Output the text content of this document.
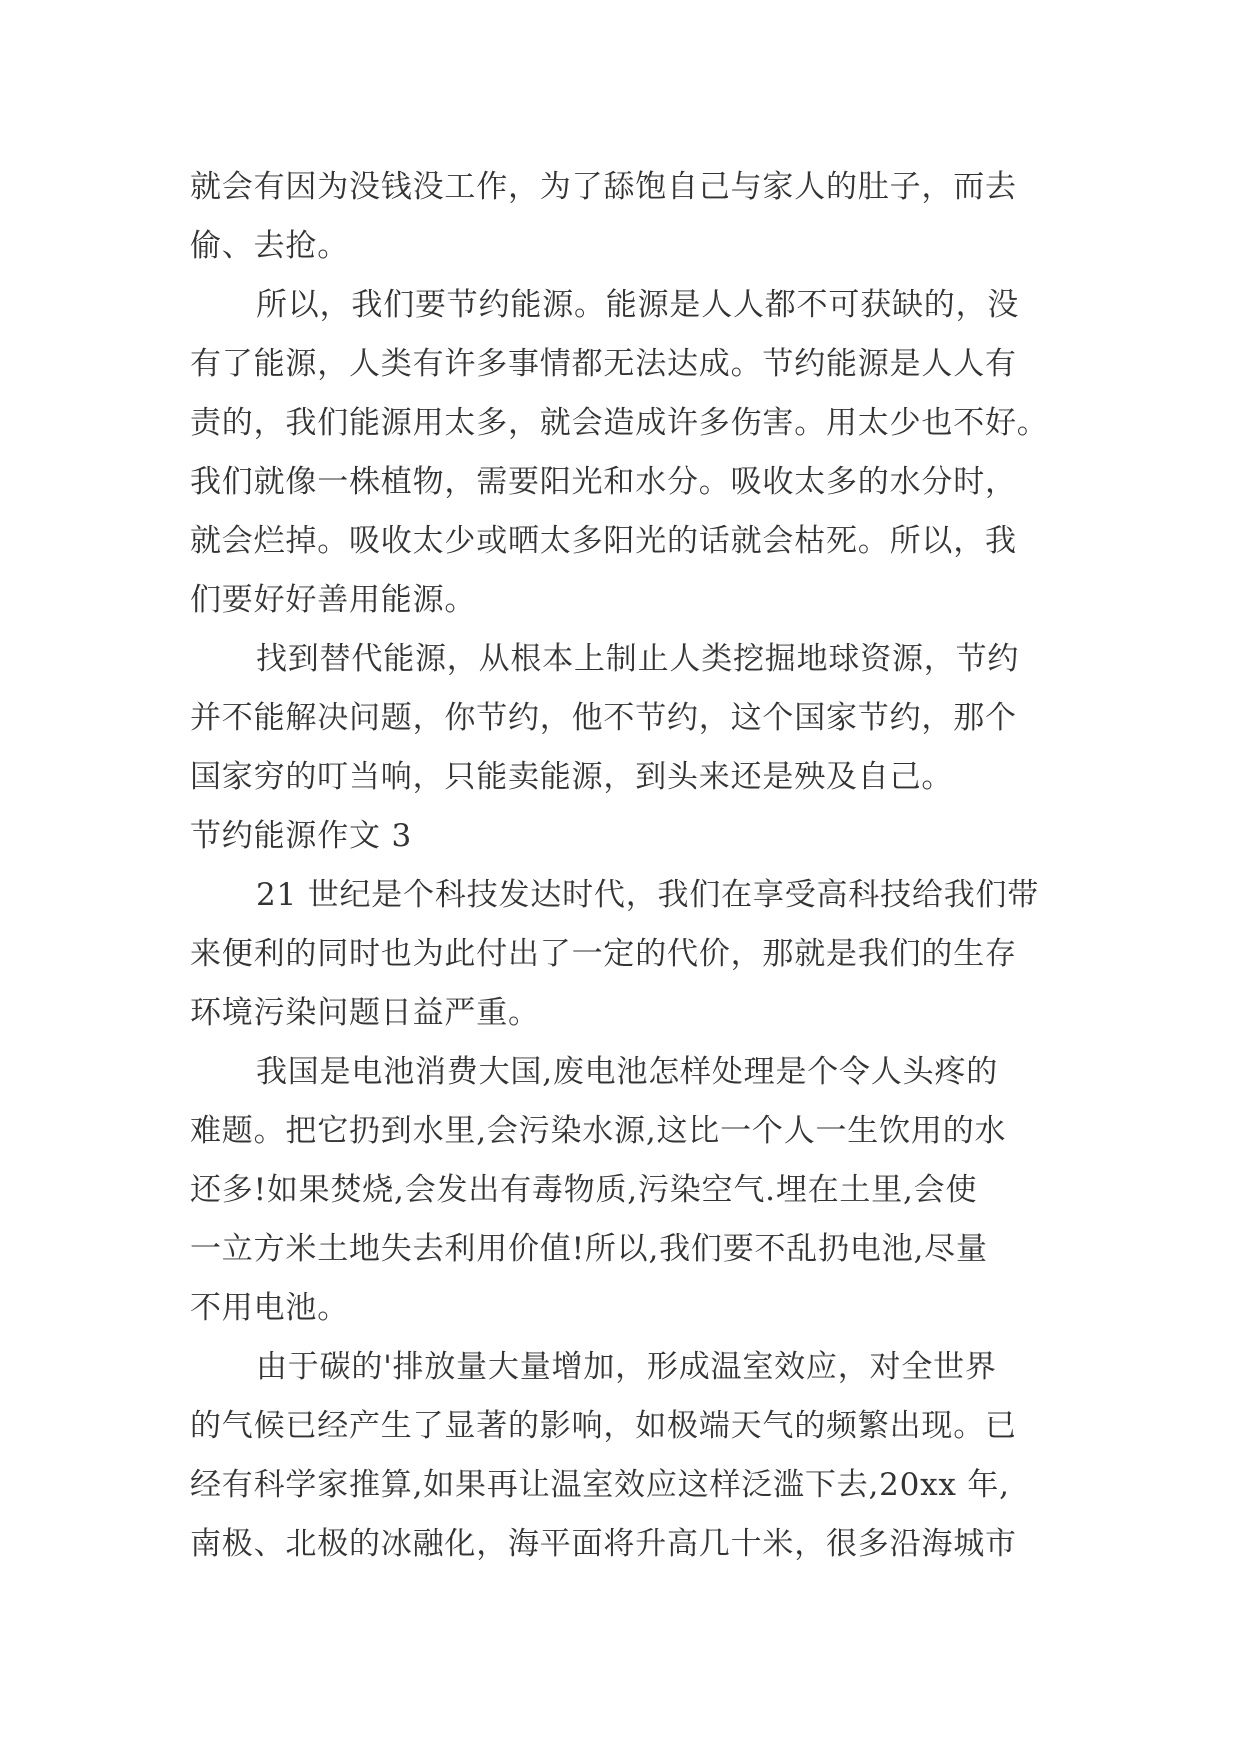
就会有因为没钱没工作，为了舔饱自己与家人的肚子，而去
偷、去抢。
所以，我们要节约能源。能源是人人都不可获缺的，没
有了能源，人类有许多事情都无法达成。节约能源是人人有
责的，我们能源用太多，就会造成许多伤害。用太少也不好。
我们就像一株植物，需要阳光和水分。吸收太多的水分时，
就会烂掉。吸收太少或晒太多阳光的话就会枯死。所以，我
们要好好善用能源。
找到替代能源，从根本上制止人类挖掘地球资源，节约
并不能解决问题，你节约，他不节约，这个国家节约，那个
国家穷的叮当响，只能卖能源，到头来还是殃及自己。
节约能源作文 3
21 世纪是个科技发达时代，我们在享受高科技给我们带
来便利的同时也为此付出了一定的代价，那就是我们的生存
环境污染问题日益严重。
我国是电池消费大国,废电池怎样处理是个令人头疼的
难题。把它扔到水里,会污染水源,这比一个人一生饮用的水
还多!如果焚烧,会发出有毒物质,污染空气.埋在土里,会使
一立方米土地失去利用价值!所以,我们要不乱扔电池,尽量
不用电池。
由于碳的'排放量大量增加，形成温室效应，对全世界
的气候已经产生了显著的影响，如极端天气的频繁出现。已
经有科学家推算,如果再让温室效应这样泛滥下去,20xx 年,
南极、北极的冰融化，海平面将升高几十米，很多沿海城市
